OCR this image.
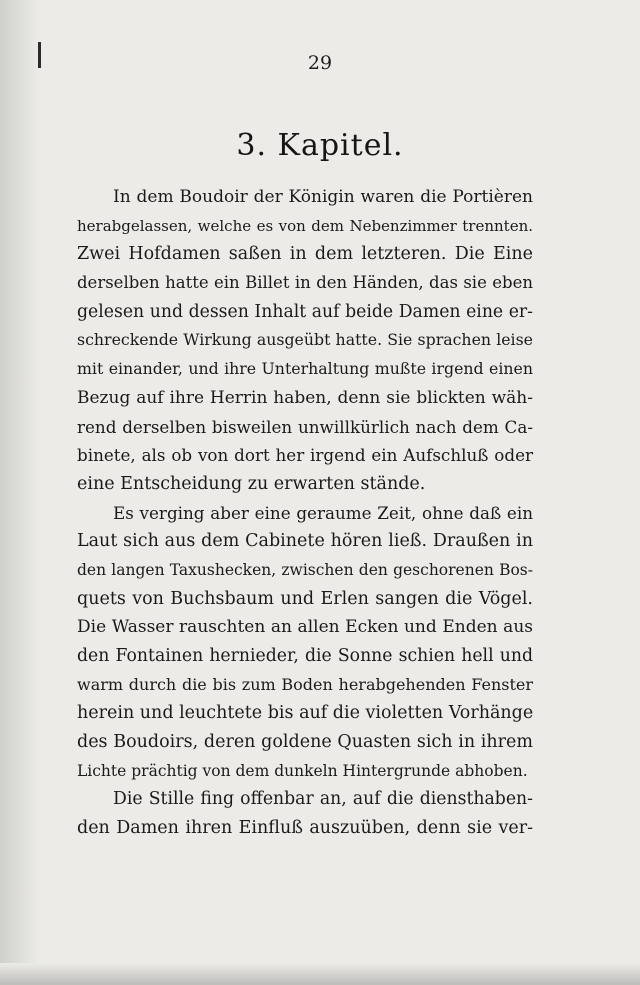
29
3. Kapitel.
In dem Boudoir der Königin waren die Portièren
herabgelassen, welche es von dem Nebenzimmer trennten.
Zwei Hofdamen saßen in dem letzteren. Die Eine
derselben hatte ein Billet in den Händen, das sie eben
gelesen und dessen Inhalt auf beide Damen eine er-
schreckende Wirkung ausgeübt hatte. Sie sprachen leise
mit einander, und ihre Unterhaltung mußte irgend einen
Bezug auf ihre Herrin haben, denn sie blickten wäh-
rend derselben bisweilen unwillkürlich nach dem Ca-
binete, als ob von dort her irgend ein Aufschluß oder
eine Entscheidung zu erwarten stände.
Es verging aber eine geraume Zeit, ohne daß ein
Laut sich aus dem Cabinete hören ließ. Draußen in
den langen Taxushecken, zwischen den geschorenen Bos-
quets von Buchsbaum und Erlen sangen die Vögel.
Die Wasser rauschten an allen Ecken und Enden aus
den Fontainen hernieder, die Sonne schien hell und
warm durch die bis zum Boden herabgehenden Fenster
herein und leuchtete bis auf die violetten Vorhänge
des Boudoirs, deren goldene Quasten sich in ihrem
Lichte prächtig von dem dunkeln Hintergrunde abhoben.
Die Stille fing offenbar an, auf die diensthaben-
den Damen ihren Einfluß auszuüben, denn sie ver-
